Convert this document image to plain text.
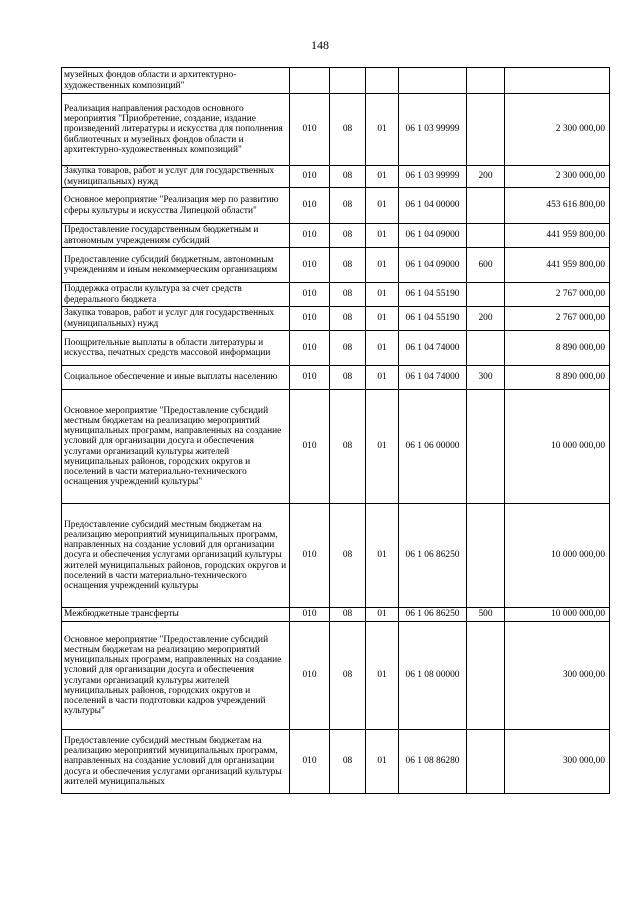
148
музейных фондов области и архитектурно-художественных композиций"						
Реализация направления расходов основного мероприятия "Приобретение, создание, издание произведений литературы и искусства для пополнения библиотечных и музейных фондов области и архитектурно-художественных композиций"	010	08	01	06 1 03 99999		2 300 000,00
Закупка товаров, работ и услуг для государственных (муниципальных) нужд	010	08	01	06 1 03 99999	200	2 300 000,00
Основное мероприятие "Реализация мер по развитию сферы культуры и искусства Липецкой области"	010	08	01	06 1 04 00000		453 616 800,00
Предоставление государственным бюджетным и автономным учреждениям субсидий	010	08	01	06 1 04 09000		441 959 800,00
Предоставление субсидий бюджетным, автономным учреждениям и иным некоммерческим организациям	010	08	01	06 1 04 09000	600	441 959 800,00
Поддержка отрасли культура за счет средств федерального бюджета	010	08	01	06 1 04 55190		2 767 000,00
Закупка товаров, работ и услуг для государственных (муниципальных) нужд	010	08	01	06 1 04 55190	200	2 767 000,00
Поощрительные выплаты в области литературы и искусства, печатных средств массовой информации	010	08	01	06 1 04 74000		8 890 000,00
Социальное обеспечение и иные выплаты населению	010	08	01	06 1 04 74000	300	8 890 000,00
Основное мероприятие "Предоставление субсидий местным бюджетам на реализацию мероприятий муниципальных программ, направленных на создание условий для организации досуга и обеспечения услугами организаций культуры жителей муниципальных районов, городских округов и поселений в части материально-технического оснащения учреждений культуры"	010	08	01	06 1 06 00000		10 000 000,00
Предоставление субсидий местным бюджетам на реализацию мероприятий муниципальных программ, направленных на создание условий для организации досуга и обеспечения услугами организаций культуры жителей муниципальных районов, городских округов и поселений в части материально-технического оснащения учреждений культуры	010	08	01	06 1 06 86250		10 000 000,00
Межбюджетные трансферты	010	08	01	06 1 06 86250	500	10 000 000,00
Основное мероприятие "Предоставление субсидий местным бюджетам на реализацию мероприятий муниципальных программ, направленных на создание условий для организации досуга и обеспечения услугами организаций культуры жителей муниципальных районов, городских округов и поселений в части подготовки кадров учреждений культуры"	010	08	01	06 1 08 00000		300 000,00
Предоставление субсидий местным бюджетам на реализацию мероприятий муниципальных программ, направленных на создание условий для организации досуга и обеспечения услугами организаций культуры жителей муниципальных	010	08	01	06 1 08 86280		300 000,00
